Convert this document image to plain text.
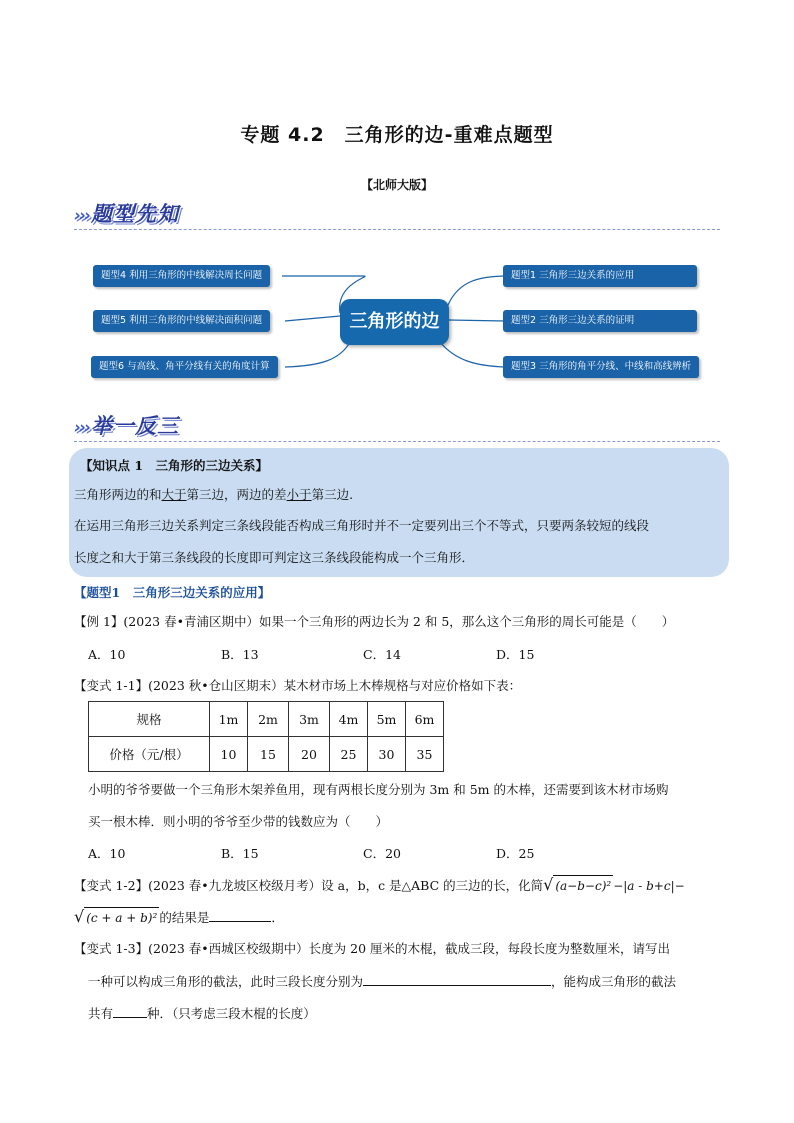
专题 4.2　三角形的边-重难点题型
【北师大版】
›››题型先知
题型4 利用三角形的中线解决周长问题
题型5 利用三角形的中线解决面积问题
题型6 与高线、角平分线有关的角度计算
三角形的边
题型1 三角形三边关系的应用
题型2 三角形三边关系的证明
题型3 三角形的角平分线、中线和高线辨析
›››举一反三
【知识点 1　三角形的三边关系】
三角形两边的和大于第三边，两边的差小于第三边.
在运用三角形三边关系判定三条线段能否构成三角形时并不一定要列出三个不等式，只要两条较短的线段
长度之和大于第三条线段的长度即可判定这三条线段能构成一个三角形．
【题型1　三角形三边关系的应用】
【例 1】(2023 春•青浦区期中）如果一个三角形的两边长为 2 和 5，那么这个三角形的周长可能是（　　）
A．10	B．13	C．14	D．15
【变式 1-1】(2023 秋•仓山区期末）某木材市场上木棒规格与对应价格如下表：
规格	1m	2m	3m	4m	5m	6m
价格（元/根）	10	15	20	25	30	35
小明的爷爷要做一个三角形木架养鱼用，现有两根长度分别为 3m 和 5m 的木棒，还需要到该木材市场购
买一根木棒．则小明的爷爷至少带的钱数应为（　　）
A．10	B．15	C．20	D．25
【变式 1-2】(2023 春•九龙坡区校级月考）设 a，b，c 是△ABC 的三边的长，化简√ (a−b−c)² −|a - b+c|−
√ (c + a + b)² 的结果是	．
【变式 1-3】(2023 春•西城区校级期中）长度为 20 厘米的木棍，截成三段，每段长度为整数厘米，请写出
一种可以构成三角形的截法，此时三段长度分别为	，能构成三角形的截法
共有	种．（只考虑三段木棍的长度）
